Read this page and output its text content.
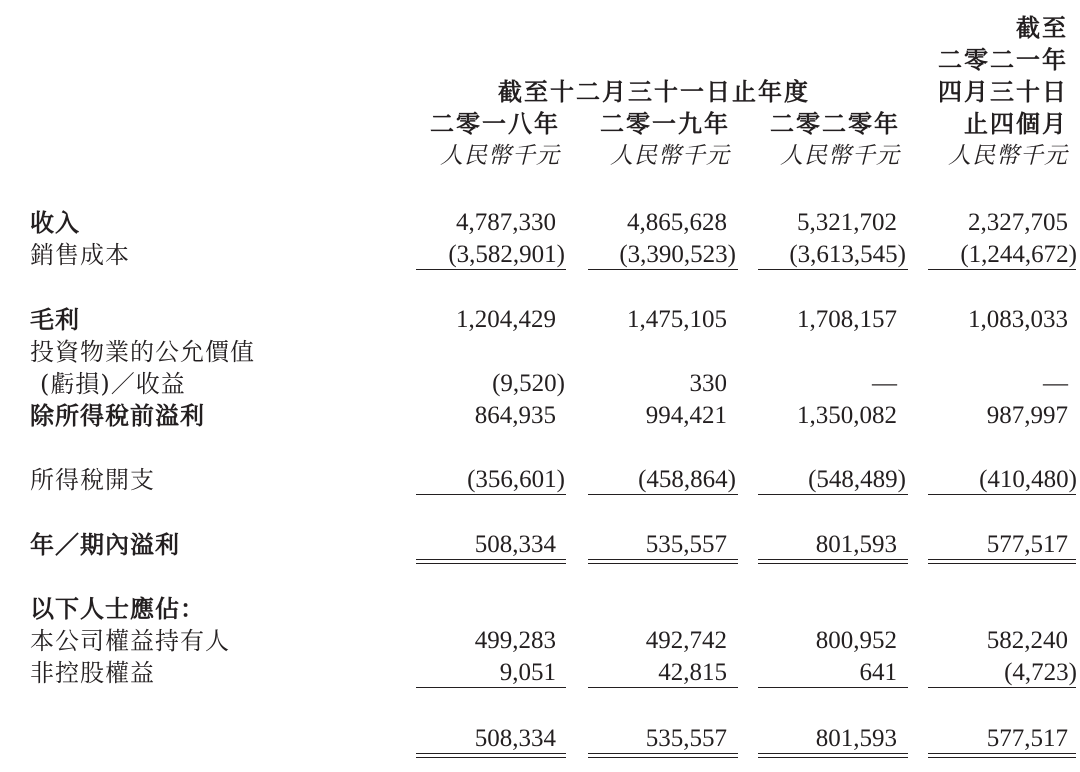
截至
二零二一年
截至十二月三十一日止年度	四月三十日
二零一八年 二零一九年 二零二零年	止四個月
人民幣千元 人民幣千元 人民幣千元 人民幣千元
收入	4,787,330	4,865,628	5,321,702	2,327,705
銷售成本	(3,582,901) (3,390,523) (3,613,545) (1,244,672)
毛利	1,204,429	1,475,105	1,708,157	1,083,033
投資物業的公允價值
(虧損)／收益	(9,520)	330	—	—
除所得稅前溢利	864,935	994,421	1,350,082	987,997
所得稅開支	(356,601)	(458,864)	(548,489)	(410,480)
年／期內溢利	508,334	535,557	801,593	577,517
以下人士應佔：
本公司權益持有人	499,283	492,742	800,952	582,240
非控股權益	9,051	42,815	641	(4,723)
508,334	535,557	801,593	577,517
